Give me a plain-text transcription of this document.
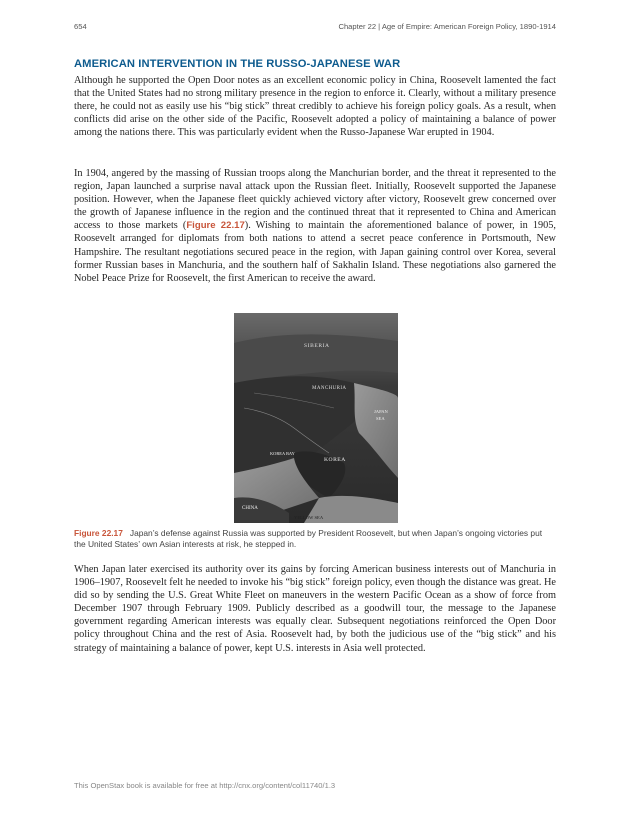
654	Chapter 22 | Age of Empire: American Foreign Policy, 1890-1914
AMERICAN INTERVENTION IN THE RUSSO-JAPANESE WAR

Although he supported the Open Door notes as an excellent economic policy in China, Roosevelt lamented the fact that the United States had no strong military presence in the region to enforce it. Clearly, without a military presence there, he could not as easily use his “big stick” threat credibly to achieve his foreign policy goals. As a result, when conflicts did arise on the other side of the Pacific, Roosevelt adopted a policy of maintaining a balance of power among the nations there. This was particularly evident when the Russo-Japanese War erupted in 1904.

In 1904, angered by the massing of Russian troops along the Manchurian border, and the threat it represented to the region, Japan launched a surprise naval attack upon the Russian fleet. Initially, Roosevelt supported the Japanese position. However, when the Japanese fleet quickly achieved victory after victory, Roosevelt grew concerned over the growth of Japanese influence in the region and the continued threat that it represented to China and American access to those markets (Figure 22.17). Wishing to maintain the aforementioned balance of power, in 1905, Roosevelt arranged for diplomats from both nations to attend a secret peace conference in Portsmouth, New Hampshire. The resultant negotiations secured peace in the region, with Japan gaining control over Korea, several former Russian bases in Manchuria, and the southern half of Sakhalin Island. These negotiations also garnered the Nobel Peace Prize for Roosevelt, the first American to receive the award.

SIBERIA
MANCHURIA
JAPAN
SEA
KOREA BAY
KOREA
CHINA
YELLOW SEA

Figure 22.17 Japan’s defense against Russia was supported by President Roosevelt, but when Japan’s ongoing victories put the United States’ own Asian interests at risk, he stepped in.

When Japan later exercised its authority over its gains by forcing American business interests out of Manchuria in 1906–1907, Roosevelt felt he needed to invoke his “big stick” foreign policy, even though the distance was great. He did so by sending the U.S. Great White Fleet on maneuvers in the western Pacific Ocean as a show of force from December 1907 through February 1909. Publicly described as a goodwill tour, the message to the Japanese government regarding American interests was equally clear. Subsequent negotiations reinforced the Open Door policy throughout China and the rest of Asia. Roosevelt had, by both the judicious use of the “big stick” and his strategy of maintaining a balance of power, kept U.S. interests in Asia well protected.

This OpenStax book is available for free at http://cnx.org/content/col11740/1.3
